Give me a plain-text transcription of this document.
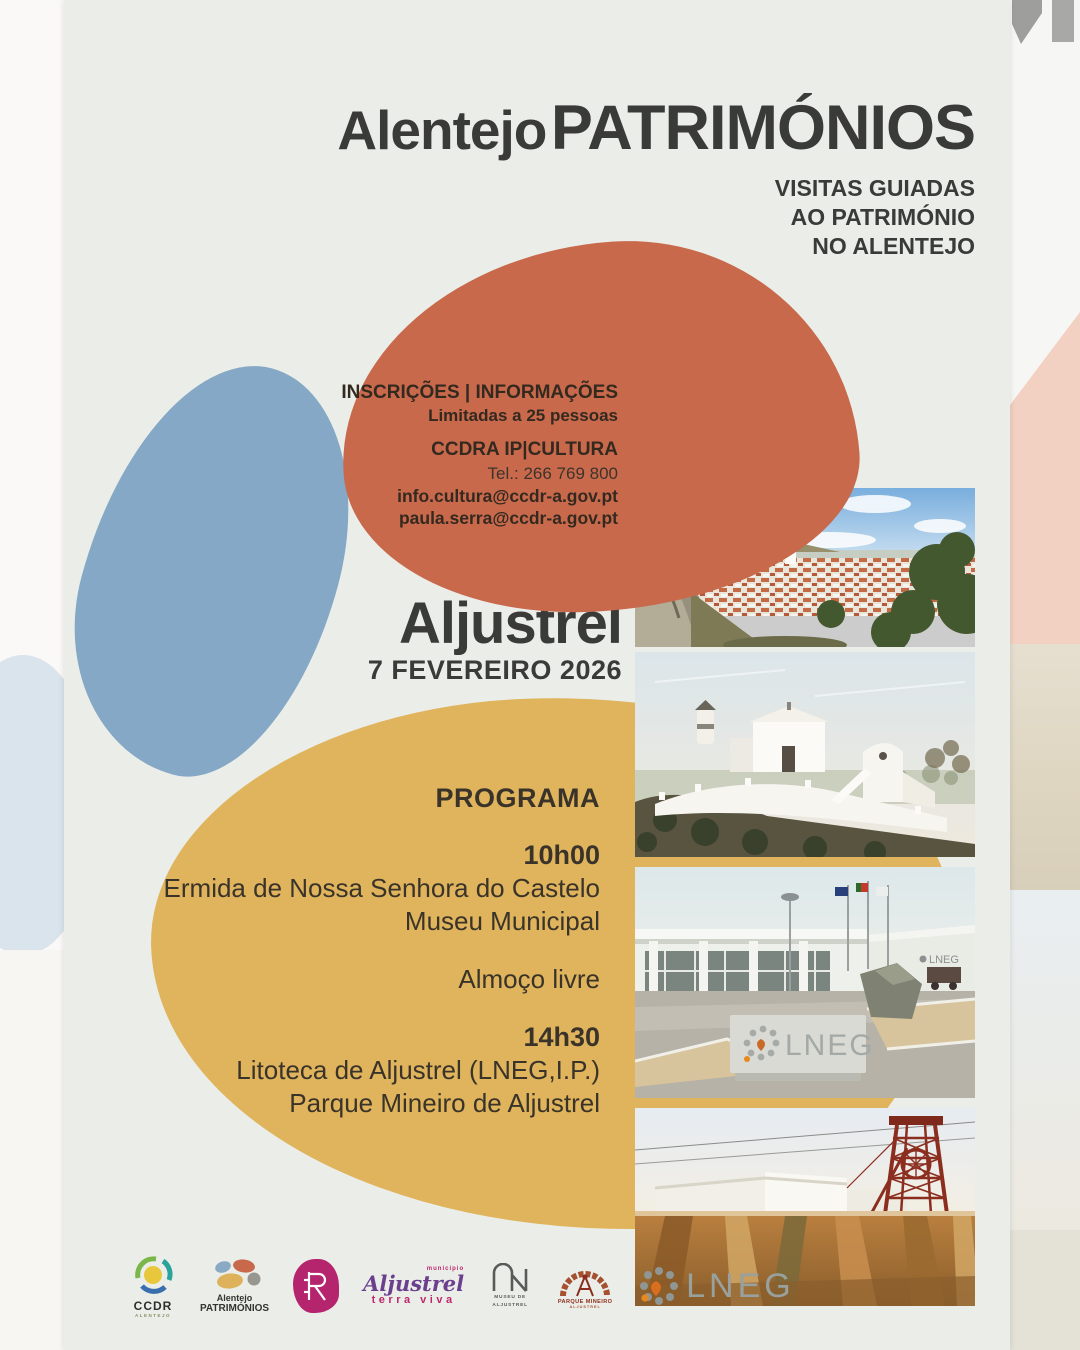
Alentejo PATRIMÓNIOS
VISITAS GUIADAS
AO PATRIMÓNIO
NO ALENTEJO
INSCRIÇÕES | INFORMAÇÕES
Limitadas a 25 pessoas
CCDRA IP|CULTURA
Tel.: 266 769 800
info.cultura@ccdr-a.gov.pt
paula.serra@ccdr-a.gov.pt
Aljustrel
7 FEVEREIRO 2026
PROGRAMA
10h00
Ermida de Nossa Senhora do Castelo
Museu Municipal
Almoço livre
14h30
Litoteca de Aljustrel (LNEG,I.P.)
Parque Mineiro de Aljustrel
LNEG
LNEG
CCDR
ALENTEJO
Alentejo
PATRIMÓNIOS
município
Aljustrel
terra viva	MUSEU DE
ALJUSTREL
PARQUE MINEIRO
ALJUSTREL
LNEG
